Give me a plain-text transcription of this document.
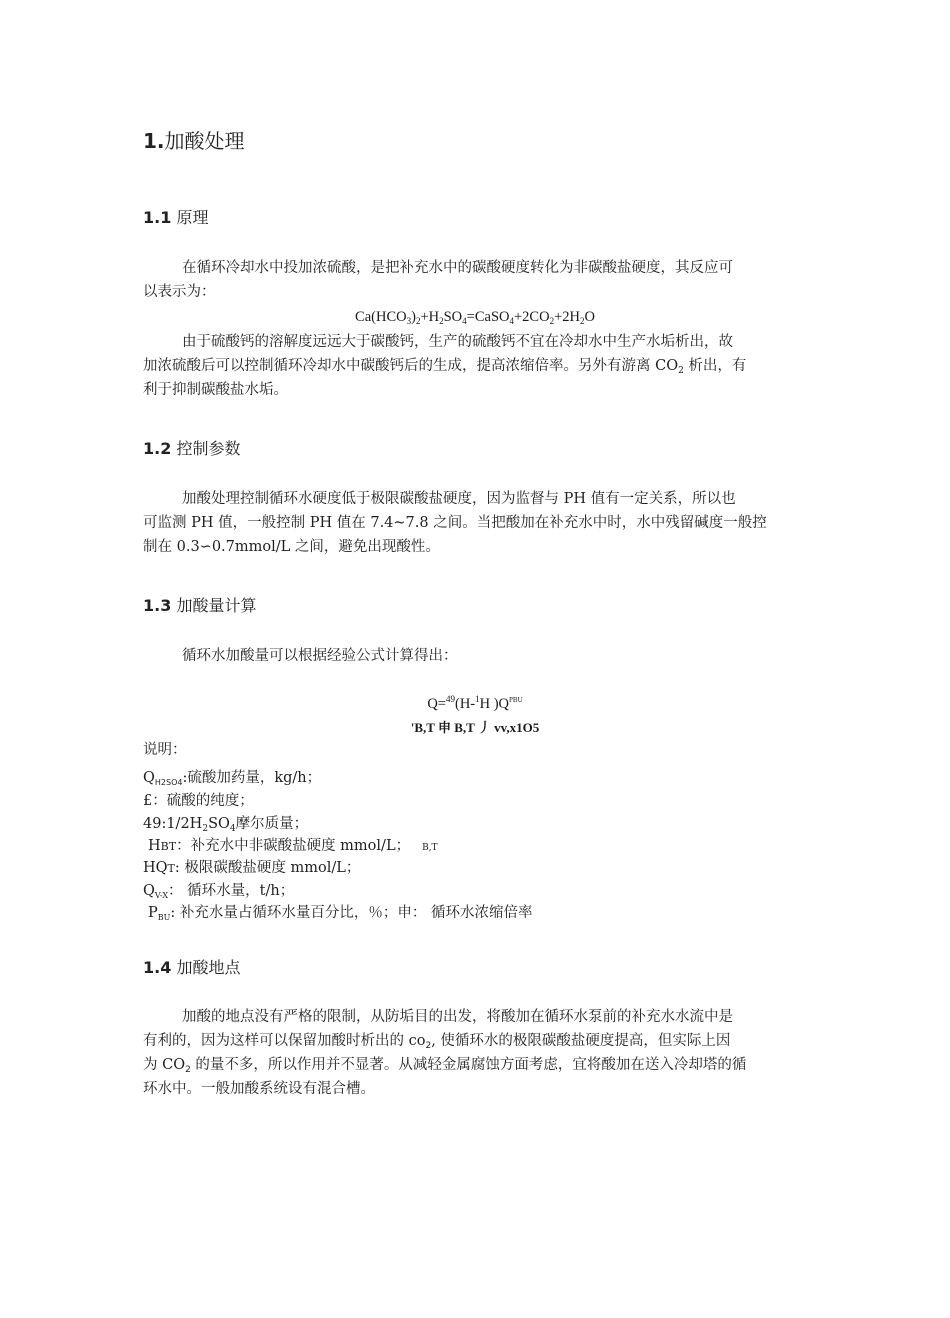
1.加酸处理
1.1 原理
在循环冷却水中投加浓硫酸，是把补充水中的碳酸硬度转化为非碳酸盐硬度，其反应可
以表示为：
$Ca(HCO_3)_2+H_2SO_4=CaSO_4+2CO_2+2H_2O$
由于硫酸钙的溶解度远远大于碳酸钙，生产的硫酸钙不宜在冷却水中生产水垢析出，故
加浓硫酸后可以控制循环冷却水中碳酸钙后的生成，提高浓缩倍率。另外有游离 $CO_2$ 析出，有
利于抑制碳酸盐水垢。
1.2 控制参数
加酸处理控制循环水硬度低于极限碳酸盐硬度，因为监督与 PH 值有一定关系，所以也
可监测 PH 值，一般控制 PH 值在 7.4~7.8 之间。当把酸加在补充水中时，水中残留碱度一般控
制在 0.3∽0.7mmol/L 之间，避免出现酸性。
1.3 加酸量计算
循环水加酸量可以根据经验公式计算得出：
Q=$^{49}$(H-$^1$H )$Q^{PBU}$
'B,T 申 B,T 丿 vv,x1O5
说明：
$Q_{H2SO4}$:硫酸加药量，kg/h；
£：硫酸的纯度；
$49:1/2H_2SO_4$摩尔质量；
HBT：补充水中非碳酸盐硬度 mmol/L； B,T
HQT: 极限碳酸盐硬度 mmol/L；
$Q_{V-X}$： 循环水量，t/h；
$P_{BU}$: 补充水量占循环水量百分比，％；申： 循环水浓缩倍率
1.4 加酸地点
加酸的地点没有严格的限制，从防垢目的出发，将酸加在循环水泵前的补充水水流中是
有利的，因为这样可以保留加酸时析出的 $co_2$, 使循环水的极限碳酸盐硬度提高，但实际上因
为 $CO_2$ 的量不多，所以作用并不显著。从减轻金属腐蚀方面考虑，宜将酸加在送入冷却塔的循
环水中。一般加酸系统设有混合槽。
